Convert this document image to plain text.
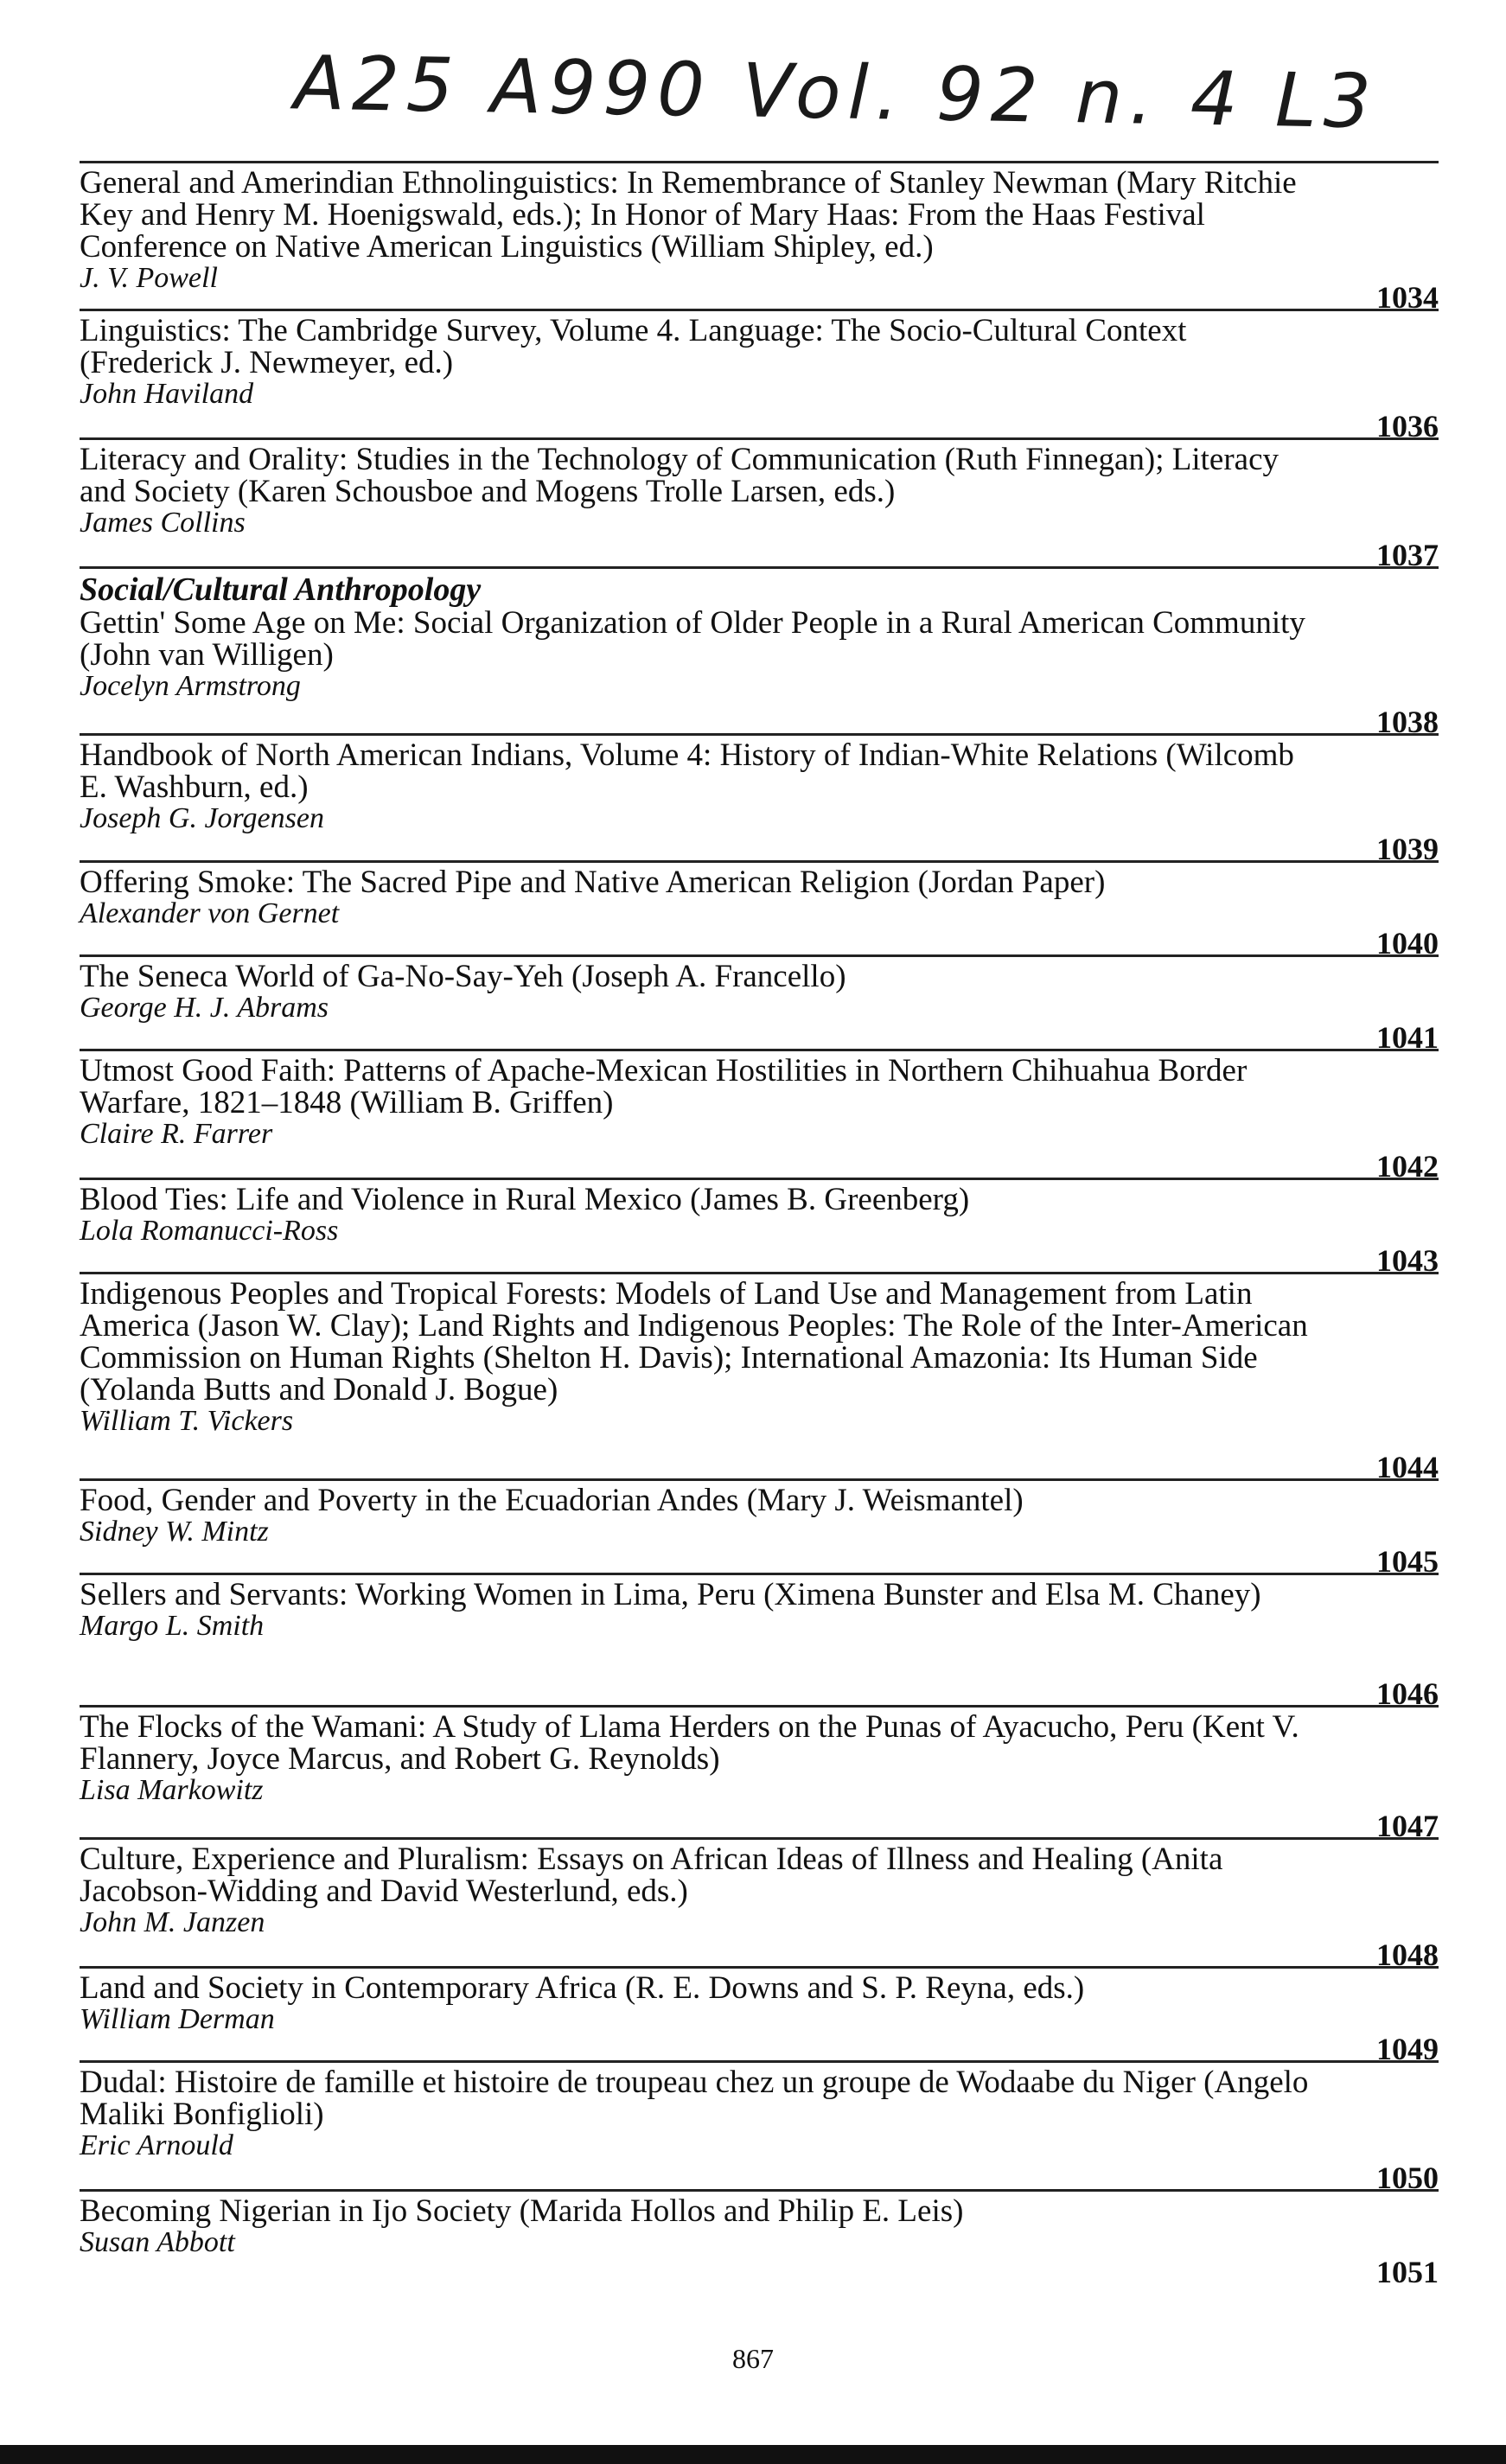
A25 A990 Vol. 92 n. 4 L3
General and Amerindian Ethnolinguistics: In Remembrance of Stanley Newman (Mary Ritchie Key and Henry M. Hoenigswald, eds.); In Honor of Mary Haas: From the Haas Festival Conference on Native American Linguistics (William Shipley, ed.)
J. V. Powell
1034
Linguistics: The Cambridge Survey, Volume 4. Language: The Socio-Cultural Context (Frederick J. Newmeyer, ed.)
John Haviland
1036
Literacy and Orality: Studies in the Technology of Communication (Ruth Finnegan); Literacy and Society (Karen Schousboe and Mogens Trolle Larsen, eds.)
James Collins
1037
Social/Cultural Anthropology
Gettin' Some Age on Me: Social Organization of Older People in a Rural American Community (John van Willigen)
Jocelyn Armstrong
1038
Handbook of North American Indians, Volume 4: History of Indian-White Relations (Wilcomb E. Washburn, ed.)
Joseph G. Jorgensen
1039
Offering Smoke: The Sacred Pipe and Native American Religion (Jordan Paper)
Alexander von Gernet
1040
The Seneca World of Ga-No-Say-Yeh (Joseph A. Francello)
George H. J. Abrams
1041
Utmost Good Faith: Patterns of Apache-Mexican Hostilities in Northern Chihuahua Border Warfare, 1821–1848 (William B. Griffen)
Claire R. Farrer
1042
Blood Ties: Life and Violence in Rural Mexico (James B. Greenberg)
Lola Romanucci-Ross
1043
Indigenous Peoples and Tropical Forests: Models of Land Use and Management from Latin America (Jason W. Clay); Land Rights and Indigenous Peoples: The Role of the Inter-American Commission on Human Rights (Shelton H. Davis); International Amazonia: Its Human Side (Yolanda Butts and Donald J. Bogue)
William T. Vickers
1044
Food, Gender and Poverty in the Ecuadorian Andes (Mary J. Weismantel)
Sidney W. Mintz
1045
Sellers and Servants: Working Women in Lima, Peru (Ximena Bunster and Elsa M. Chaney)
Margo L. Smith
1046
The Flocks of the Wamani: A Study of Llama Herders on the Punas of Ayacucho, Peru (Kent V. Flannery, Joyce Marcus, and Robert G. Reynolds)
Lisa Markowitz
1047
Culture, Experience and Pluralism: Essays on African Ideas of Illness and Healing (Anita Jacobson-Widding and David Westerlund, eds.)
John M. Janzen
1048
Land and Society in Contemporary Africa (R. E. Downs and S. P. Reyna, eds.)
William Derman
1049
Dudal: Histoire de famille et histoire de troupeau chez un groupe de Wodaabe du Niger (Angelo Maliki Bonfiglioli)
Eric Arnould
1050
Becoming Nigerian in Ijo Society (Marida Hollos and Philip E. Leis)
Susan Abbott
1051
867
